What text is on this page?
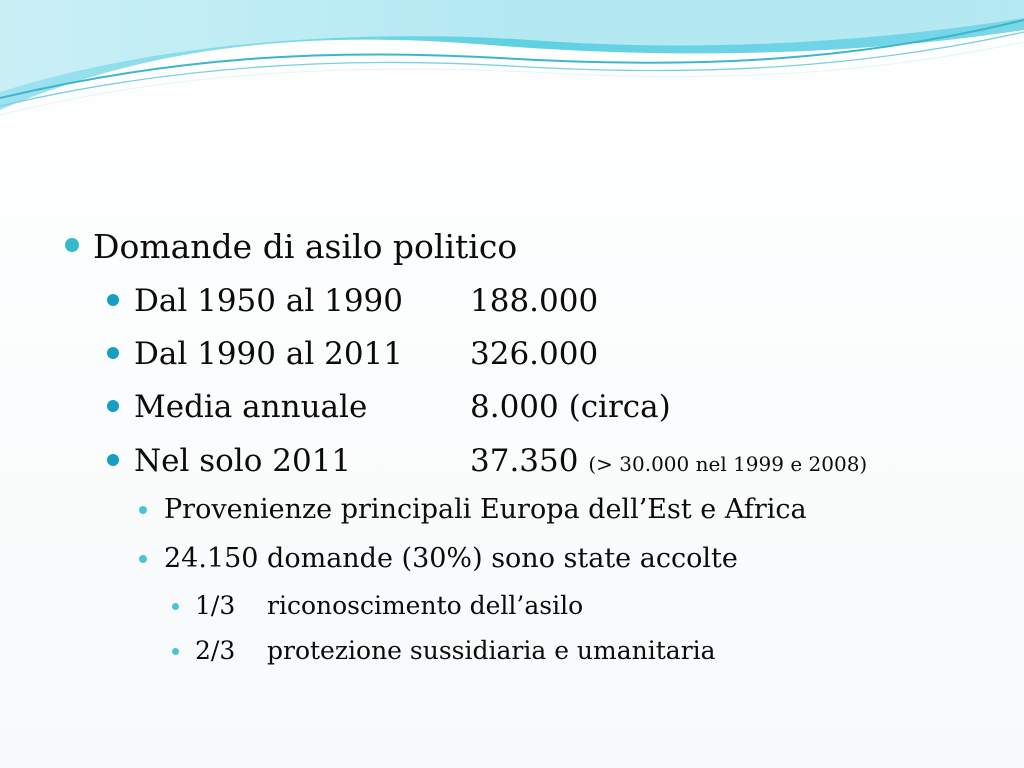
Domande di asilo politico
Dal 1950 al 1990 188.000
Dal 1990 al 2011 326.000
Media annuale	8.000 (circa)
Nel solo 2011	37.350 (> 30.000 nel 1999 e 2008)
Provenienze principali Europa dell’Est e Africa
24.150 domande (30%) sono state accolte
1/3 riconoscimento dell’asilo
2/3 protezione sussidiaria e umanitaria
